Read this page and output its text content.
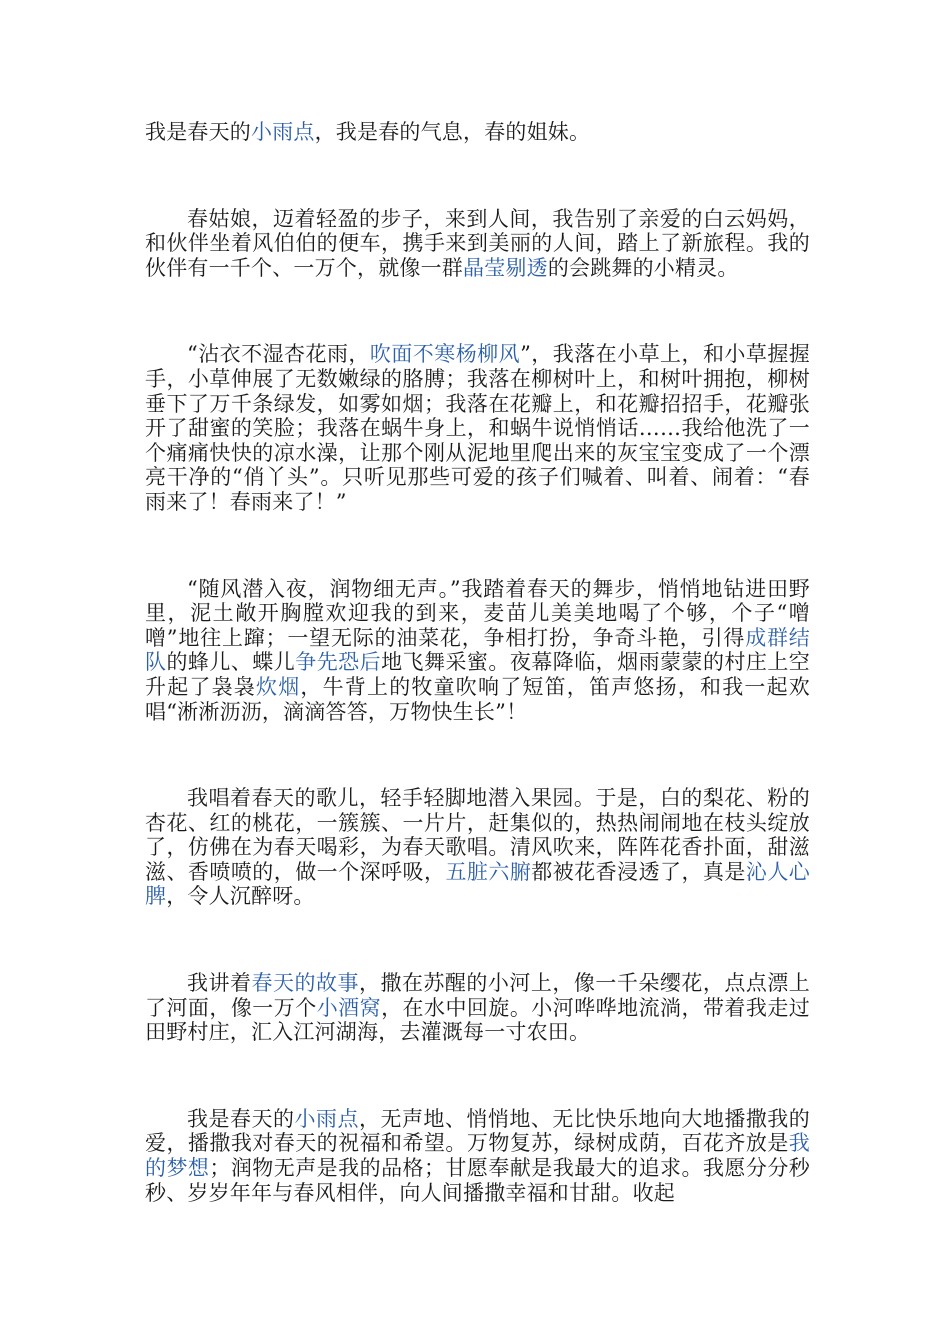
我是春天的小雨点，我是春的气息，春的姐妹。

春姑娘，迈着轻盈的步子，来到人间，我告别了亲爱的白云妈妈，和伙伴坐着风伯伯的便车，携手来到美丽的人间，踏上了新旅程。我的伙伴有一千个、一万个，就像一群晶莹剔透的会跳舞的小精灵。

“沾衣不湿杏花雨，吹面不寒杨柳风”，我落在小草上，和小草握握手，小草伸展了无数嫩绿的胳膊；我落在柳树叶上，和树叶拥抱，柳树垂下了万千条绿发，如雾如烟；我落在花瓣上，和花瓣招招手，花瓣张开了甜蜜的笑脸；我落在蜗牛身上，和蜗牛说悄悄话……我给他洗了一个痛痛快快的凉水澡，让那个刚从泥地里爬出来的灰宝宝变成了一个漂亮干净的“俏丫头”。只听见那些可爱的孩子们喊着、叫着、闹着：“春雨来了！春雨来了！”

“随风潜入夜，润物细无声。”我踏着春天的舞步，悄悄地钻进田野里，泥土敞开胸膛欢迎我的到来，麦苗儿美美地喝了个够，个子“噌噌”地往上蹿；一望无际的油菜花，争相打扮，争奇斗艳，引得成群结队的蜂儿、蝶儿争先恐后地飞舞采蜜。夜幕降临，烟雨蒙蒙的村庄上空升起了袅袅炊烟，牛背上的牧童吹响了短笛，笛声悠扬，和我一起欢唱“淅淅沥沥，滴滴答答，万物快生长”！

我唱着春天的歌儿，轻手轻脚地潜入果园。于是，白的梨花、粉的杏花、红的桃花，一簇簇、一片片，赶集似的，热热闹闹地在枝头绽放了，仿佛在为春天喝彩，为春天歌唱。清风吹来，阵阵花香扑面，甜滋滋、香喷喷的，做一个深呼吸，五脏六腑都被花香浸透了，真是沁人心脾，令人沉醉呀。

我讲着春天的故事，撒在苏醒的小河上，像一千朵缨花，点点漂上了河面，像一万个小酒窝，在水中回旋。小河哗哗地流淌，带着我走过田野村庄，汇入江河湖海，去灌溉每一寸农田。

我是春天的小雨点，无声地、悄悄地、无比快乐地向大地播撒我的爱，播撒我对春天的祝福和希望。万物复苏，绿树成荫，百花齐放是我的梦想；润物无声是我的品格；甘愿奉献是我最大的追求。我愿分分秒秒、岁岁年年与春风相伴，向人间播撒幸福和甘甜。收起
